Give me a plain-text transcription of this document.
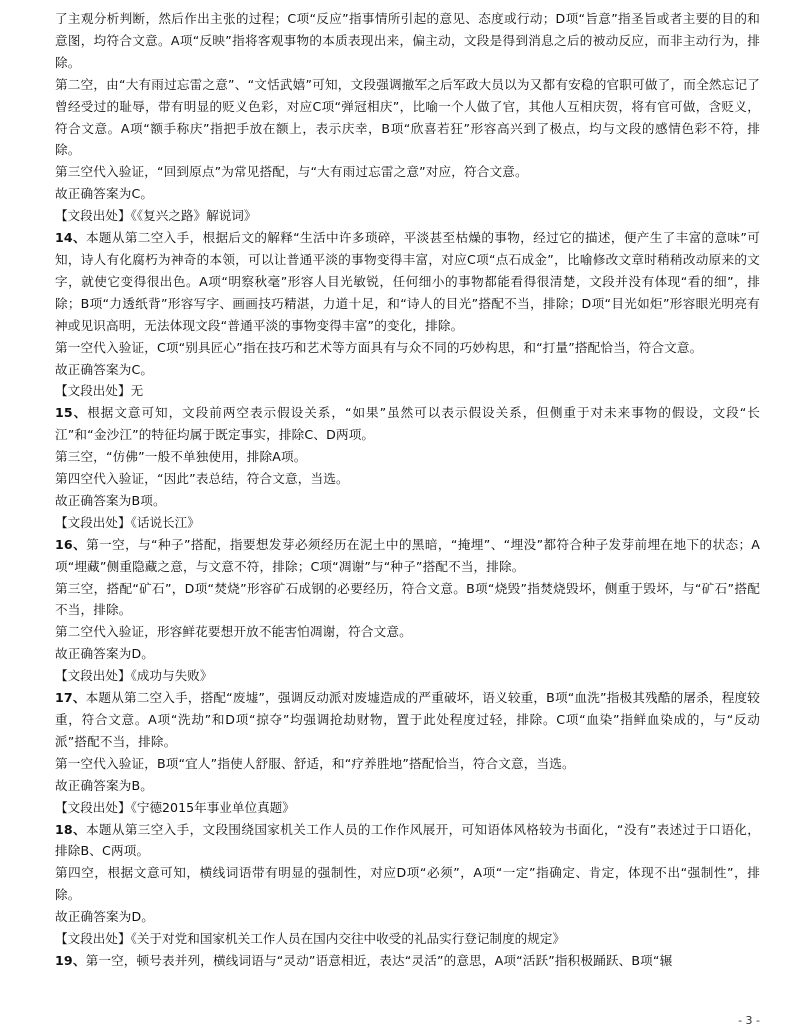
了主观分析判断，然后作出主张的过程；C项“反应”指事情所引起的意见、态度或行动；D项“旨意”指圣旨或者主要的目的和意图，均符合文意。A项“反映”指将客观事物的本质表现出来，偏主动，文段是得到消息之后的被动反应，而非主动行为，排除。

第二空，由“大有雨过忘雷之意”、“文恬武嬉”可知，文段强调撤军之后军政大员以为又都有安稳的官职可做了，而全然忘记了曾经受过的耻辱，带有明显的贬义色彩，对应C项“弹冠相庆”，比喻一个人做了官，其他人互相庆贺，将有官可做，含贬义，符合文意。A项“额手称庆”指把手放在额上，表示庆幸，B项“欣喜若狂”形容高兴到了极点，均与文段的感情色彩不符，排除。

第三空代入验证，“回到原点”为常见搭配，与“大有雨过忘雷之意”对应，符合文意。

故正确答案为C。

【文段出处】《《复兴之路》解说词》

14、本题从第二空入手，根据后文的解释“生活中许多琐碎，平淡甚至枯燥的事物，经过它的描述，便产生了丰富的意味”可知，诗人有化腐朽为神奇的本领，可以让普通平淡的事物变得丰富，对应C项“点石成金”，比喻修改文章时稍稍改动原来的文字，就使它变得很出色。A项“明察秋毫”形容人目光敏锐，任何细小的事物都能看得很清楚，文段并没有体现“看的细”，排除；B项“力透纸背”形容写字、画画技巧精湛，力道十足，和“诗人的目光”搭配不当，排除；D项“目光如炬”形容眼光明亮有神或见识高明，无法体现文段“普通平淡的事物变得丰富”的变化，排除。

第一空代入验证，C项“别具匠心”指在技巧和艺术等方面具有与众不同的巧妙构思，和“打量”搭配恰当，符合文意。

故正确答案为C。

【文段出处】无

15、根据文意可知，文段前两空表示假设关系，“如果”虽然可以表示假设关系，但侧重于对未来事物的假设，文段“长江”和“金沙江”的特征均属于既定事实，排除C、D两项。

第三空，“仿佛”一般不单独使用，排除A项。

第四空代入验证，“因此”表总结，符合文意，当选。

故正确答案为B项。

【文段出处】《话说长江》

16、第一空，与“种子”搭配，指要想发芽必须经历在泥土中的黑暗，“掩埋”、“埋没”都符合种子发芽前埋在地下的状态；A项“埋藏”侧重隐藏之意，与文意不符，排除；C项“凋谢”与“种子”搭配不当，排除。

第三空，搭配“矿石”，D项“焚烧”形容矿石成钢的必要经历，符合文意。B项“烧毁”指焚烧毁坏，侧重于毁坏，与“矿石”搭配不当，排除。

第二空代入验证，形容鲜花要想开放不能害怕凋谢，符合文意。

故正确答案为D。

【文段出处】《成功与失败》

17、本题从第二空入手，搭配“废墟”，强调反动派对废墟造成的严重破坏，语义较重，B项“血洗”指极其残酷的屠杀，程度较重，符合文意。A项“洗劫”和D项“掠夺”均强调抢劫财物，置于此处程度过轻，排除。C项“血染”指鲜血染成的，与“反动派”搭配不当，排除。

第一空代入验证，B项“宜人”指使人舒服、舒适，和“疗养胜地”搭配恰当，符合文意，当选。

故正确答案为B。

【文段出处】《宁德2015年事业单位真题》

18、本题从第三空入手，文段围绕国家机关工作人员的工作作风展开，可知语体风格较为书面化，“没有”表述过于口语化，排除B、C两项。

第四空，根据文意可知，横线词语带有明显的强制性，对应D项“必须”，A项“一定”指确定、肯定，体现不出“强制性”，排除。

故正确答案为D。

【文段出处】《关于对党和国家机关工作人员在国内交往中收受的礼品实行登记制度的规定》

19、第一空，顿号表并列，横线词语与“灵动”语意相近，表达“灵活”的意思，A项“活跃”指积极踊跃、B项“辗

- 3 -
